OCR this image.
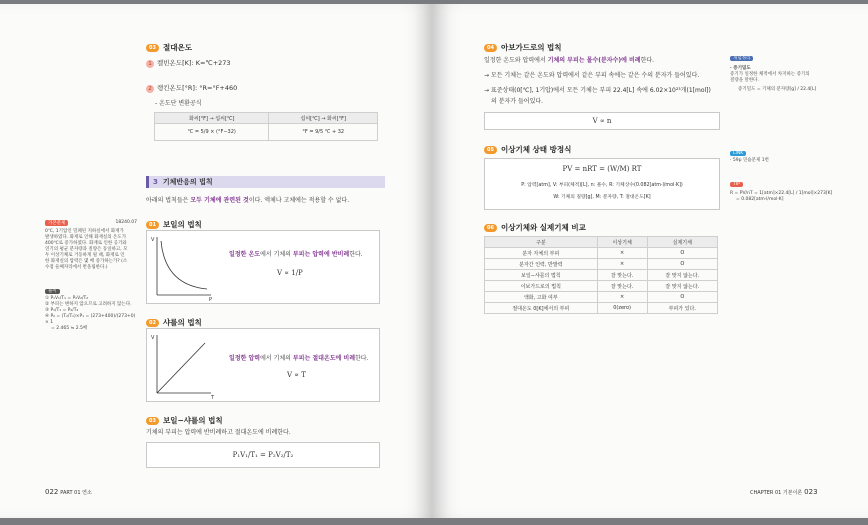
기본문제	18240.07
0℃, 1기압인 밀폐된 지하실에서 화재가
발생하였다. 화재로 인해 화재실의 온도가
400℃로 증가하였다. 화재로 인한 공기와
연기의 평균 분자량과 질량은 동일하고, 모
두 이상기체로 거동하게 될 때, 화재로 인
한 화재실의 압력은 몇 배 증가하는가? (소
수점 둘째자리에서 반올림한다.)
풀이
① P₁V₁/T₁ = P₂V₂/T₂
② 부피는 변하지 않으므로 고려하지 않는다.
③ P₁/T₁ = P₂/T₂
④ P₂ = (T₂/T₁)×P₁ = (273+400)/(273+0) × 1
= 2.465 ≒ 2.5배
03 절대온도
1 켈빈온도[K]: K=℃+273
2 랭킨온도[°R]: °R=°F+460
- 온도단 변환공식
화씨[°F] → 섭씨[℃]	섭씨[℃] → 화씨[°F]
℃ = 5/9 × (°F−32)	°F = 9/5 ℃ + 32
3 기체반응의 법칙
아래의 법칙들은 모두 기체에 관련된 것이다. 액체나 고체에는 적용할 수 없다.
01 보일의 법칙
V
P
일정한 온도에서 기체의 부피는 압력에 반비례한다.
V ∝ 1/P
02 샤를의 법칙
V
T
일정한 압력에서 기체의 부피는 절대온도에 비례한다.
V ∝ T
03 보일−샤를의 법칙
기체의 부피는 압력에 반비례하고 절대온도에 비례한다.
P₁V₁/T₁ = P₂V₂/T₂
022 PART 01 연소
04 아보가드로의 법칙
일정한 온도와 압력에서 기체의 부피는 몰수(분자수)에 비례한다.
→ 모든 기체는 같은 온도와 압력에서 같은 부피 속에는 같은 수의 분자가 들어있다.
→ 표준상태(0[℃], 1기압)에서 모든 기체는 부피 22.4[L] 속에 6.02×10²³개(1[mol])
의 분자가 들어있다.
V ∝ n
05 이상기체 상태 방정식
PV = nRT = (W/M) RT
P: 압력[atm], V: 부피(체적)[L], n: 몰수, R: 기체상수(0.082[atm·l/mol·K])
W: 기체의 질량[g], M: 분자량, T: 절대온도[K]
06 이상기체와 실제기체 비교
구분	이상기체	실제기체
분자 자체의 부피	×	O
분자간 인력, 반발력	×	O
보일−샤를의 법칙	잘 맞는다.	잘 맞지 않는다.
이보가드로의 법칙	잘 맞는다.	잘 맞지 않는다.
액화, 고화 여부	×	O
절대온도 0[K]에서의 부피	0(zero)	부피가 있다.
개념정리
· 증기밀도
증기가 일정한 체적에서 차지하는 증기의
질량을 말한다.
증기밀도 = 기체의 분자량[g] / 22.4[L]
LINK
· 59p 연습문제 1번
TIP
R = PV/nT = 1[atm]×22.4[L] / 1[mol]×273[K]
= 0.082[atm·l/mol·K]
CHAPTER 01 기본이론 023
